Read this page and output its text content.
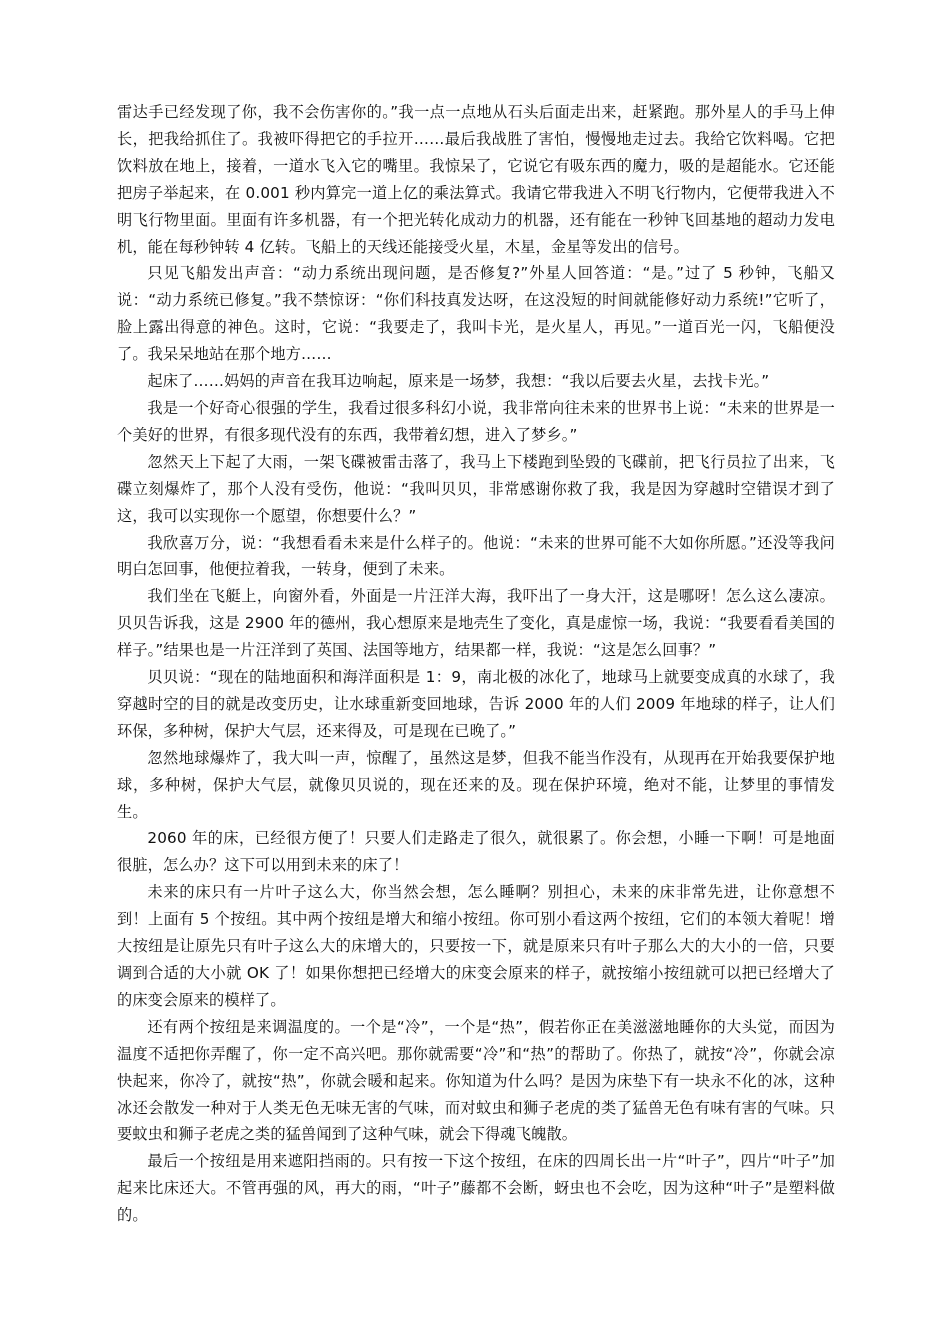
雷达手已经发现了你，我不会伤害你的。”我一点一点地从石头后面走出来，赶紧跑。那外星人的手马上伸长，把我给抓住了。我被吓得把它的手拉开……最后我战胜了害怕，慢慢地走过去。我给它饮料喝。它把饮料放在地上，接着，一道水飞入它的嘴里。我惊呆了，它说它有吸东西的魔力，吸的是超能水。它还能把房子举起来，在 0.001 秒内算完一道上亿的乘法算式。我请它带我进入不明飞行物内，它便带我进入不明飞行物里面。里面有许多机器，有一个把光转化成动力的机器，还有能在一秒钟飞回基地的超动力发电机，能在每秒钟转 4 亿转。飞船上的天线还能接受火星，木星，金星等发出的信号。

只见飞船发出声音：“动力系统出现问题，是否修复?”外星人回答道：“是。”过了 5 秒钟，飞船又说：“动力系统已修复。”我不禁惊讶：“你们科技真发达呀，在这没短的时间就能修好动力系统!”它听了，脸上露出得意的神色。这时，它说：“我要走了，我叫卡光，是火星人，再见。”一道百光一闪，飞船便没了。我呆呆地站在那个地方……

起床了……妈妈的声音在我耳边响起，原来是一场梦，我想：“我以后要去火星，去找卡光。”

我是一个好奇心很强的学生，我看过很多科幻小说，我非常向往未来的世界书上说：“未来的世界是一个美好的世界，有很多现代没有的东西，我带着幻想，进入了梦乡。”

忽然天上下起了大雨，一架飞碟被雷击落了，我马上下楼跑到坠毁的飞碟前，把飞行员拉了出来，飞碟立刻爆炸了，那个人没有受伤，他说：“我叫贝贝，非常感谢你救了我，我是因为穿越时空错误才到了这，我可以实现你一个愿望，你想要什么？”

我欣喜万分，说：“我想看看未来是什么样子的。他说：“未来的世界可能不大如你所愿。”还没等我问明白怎回事，他便拉着我，一转身，便到了未来。

我们坐在飞艇上，向窗外看，外面是一片汪洋大海，我吓出了一身大汗，这是哪呀！怎么这么凄凉。贝贝告诉我，这是 2900 年的德州，我心想原来是地壳生了变化，真是虚惊一场，我说：“我要看看美国的样子。”结果也是一片汪洋到了英国、法国等地方，结果都一样，我说：“这是怎么回事？”

贝贝说：“现在的陆地面积和海洋面积是 1：9，南北极的冰化了，地球马上就要变成真的水球了，我穿越时空的目的就是改变历史，让水球重新变回地球，告诉 2000 年的人们 2009 年地球的样子，让人们环保，多种树，保护大气层，还来得及，可是现在已晚了。”

忽然地球爆炸了，我大叫一声，惊醒了，虽然这是梦，但我不能当作没有，从现再在开始我要保护地球，多种树，保护大气层，就像贝贝说的，现在还来的及。现在保护环境，绝对不能，让梦里的事情发生。

2060 年的床，已经很方便了！只要人们走路走了很久，就很累了。你会想，小睡一下啊！可是地面很脏，怎么办？这下可以用到未来的床了！

未来的床只有一片叶子这么大，你当然会想，怎么睡啊？别担心，未来的床非常先进，让你意想不到！上面有 5 个按纽。其中两个按纽是增大和缩小按纽。你可别小看这两个按纽，它们的本领大着呢！增大按纽是让原先只有叶子这么大的床增大的，只要按一下，就是原来只有叶子那么大的大小的一倍，只要调到合适的大小就 OK 了！如果你想把已经增大的床变会原来的样子，就按缩小按纽就可以把已经增大了的床变会原来的模样了。

还有两个按纽是来调温度的。一个是“冷”，一个是“热”，假若你正在美滋滋地睡你的大头觉，而因为温度不适把你弄醒了，你一定不高兴吧。那你就需要“冷”和“热”的帮助了。你热了，就按“冷”，你就会凉快起来，你冷了，就按“热”，你就会暖和起来。你知道为什么吗？是因为床垫下有一块永不化的冰，这种冰还会散发一种对于人类无色无味无害的气味，而对蚊虫和狮子老虎的类了猛兽无色有味有害的气味。只要蚊虫和狮子老虎之类的猛兽闻到了这种气味，就会下得魂飞魄散。

最后一个按纽是用来遮阳挡雨的。只有按一下这个按纽，在床的四周长出一片“叶子”，四片“叶子”加起来比床还大。不管再强的风，再大的雨，“叶子”藤都不会断，蚜虫也不会吃，因为这种“叶子”是塑料做的。
